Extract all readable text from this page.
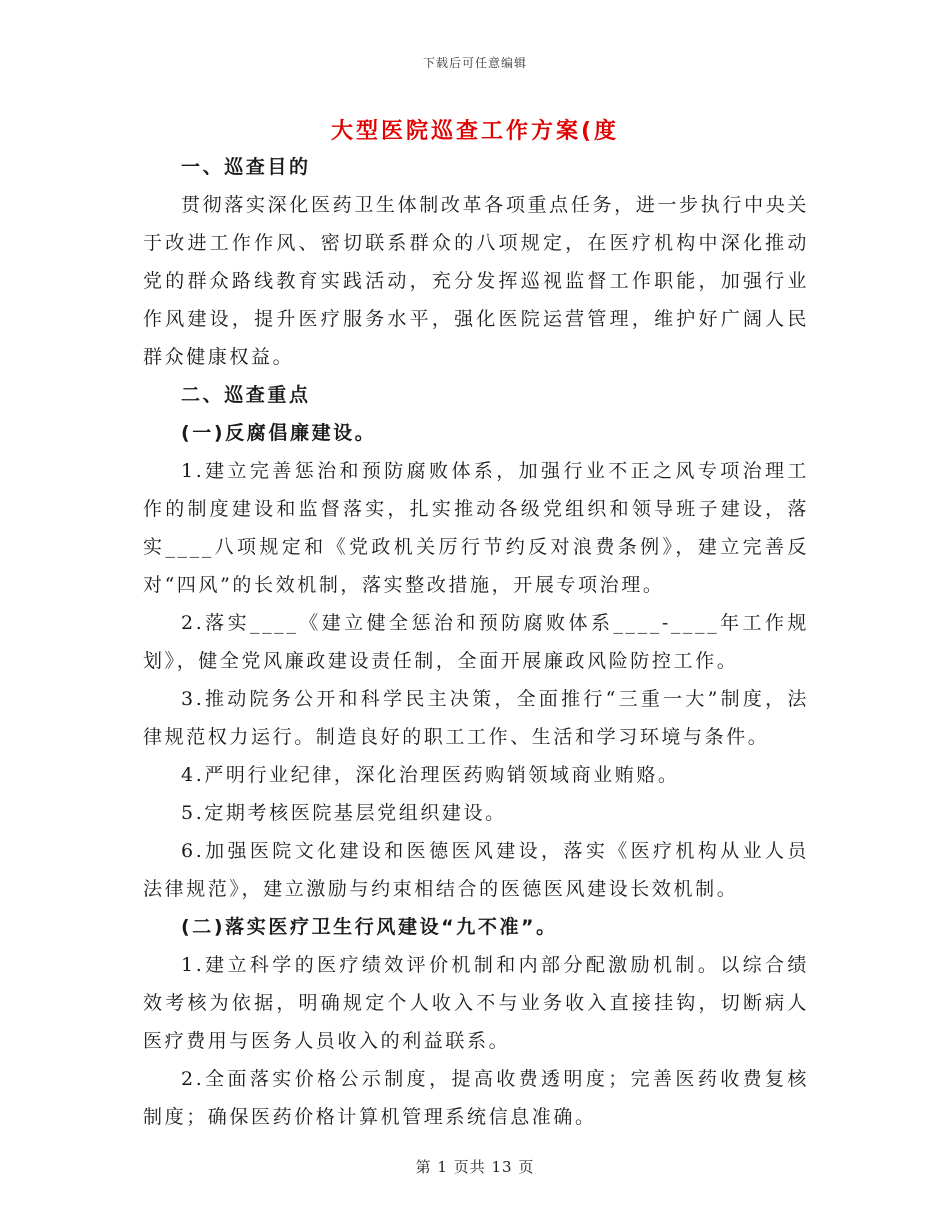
下载后可任意编辑
大型医院巡查工作方案(度

一、巡查目的

贯彻落实深化医药卫生体制改革各项重点任务，进一步执行中央关于改进工作作风、密切联系群众的八项规定，在医疗机构中深化推动党的群众路线教育实践活动，充分发挥巡视监督工作职能，加强行业作风建设，提升医疗服务水平，强化医院运营管理，维护好广阔人民群众健康权益。

二、巡查重点

(一)反腐倡廉建设。

1.建立完善惩治和预防腐败体系，加强行业不正之风专项治理工作的制度建设和监督落实，扎实推动各级党组织和领导班子建设，落实____八项规定和《党政机关厉行节约反对浪费条例》，建立完善反对“四风”的长效机制，落实整改措施，开展专项治理。

2.落实____《建立健全惩治和预防腐败体系____-____年工作规划》，健全党风廉政建设责任制，全面开展廉政风险防控工作。

3.推动院务公开和科学民主决策，全面推行“三重一大”制度，法律规范权力运行。制造良好的职工工作、生活和学习环境与条件。

4.严明行业纪律，深化治理医药购销领域商业贿赂。

5.定期考核医院基层党组织建设。

6.加强医院文化建设和医德医风建设，落实《医疗机构从业人员法律规范》，建立激励与约束相结合的医德医风建设长效机制。

(二)落实医疗卫生行风建设“九不准”。

1.建立科学的医疗绩效评价机制和内部分配激励机制。以综合绩效考核为依据，明确规定个人收入不与业务收入直接挂钩，切断病人医疗费用与医务人员收入的利益联系。

2.全面落实价格公示制度，提高收费透明度；完善医药收费复核制度；确保医药价格计算机管理系统信息准确。

第 1 页共 13 页
